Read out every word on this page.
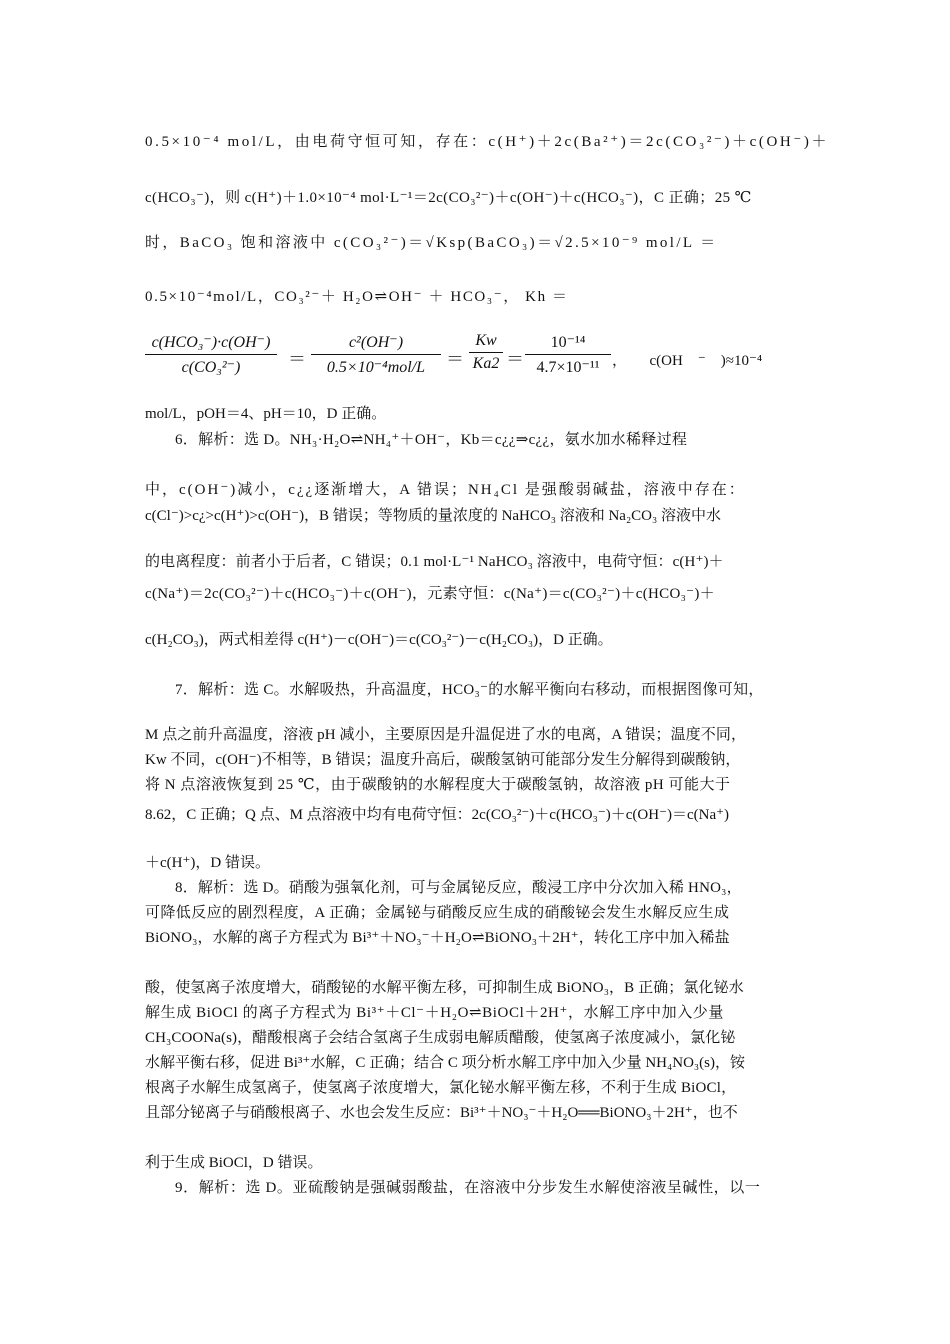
0.5×10⁻⁴ mol/L，由电荷守恒可知，存在：c(H⁺)＋2c(Ba²⁺)＝2c(CO₃²⁻)＋c(OH⁻)＋
c(HCO₃⁻)，则 c(H⁺)＋1.0×10⁻⁴ mol·L⁻¹＝2c(CO₃²⁻)＋c(OH⁻)＋c(HCO₃⁻)，C 正确；25 ℃
时，BaCO₃ 饱和溶液中 c(CO₃²⁻)＝√Ksp(BaCO₃)＝√2.5×10⁻⁹ mol/L ＝
0.5×10⁻⁴mol/L，CO₃²⁻＋ H₂O⇌OH⁻ ＋ HCO₃⁻， Kh ＝
mol/L，pOH＝4、pH＝10，D 正确。
6．解析：选 D。NH₃·H₂O⇌NH₄⁺＋OH⁻，Kb＝c¿¿⇒c¿¿，氨水加水稀释过程
中，c(OH⁻)减小，c¿¿逐渐增大，A 错误；NH₄Cl 是强酸弱碱盐，溶液中存在：
c(Cl⁻)>c¿>c(H⁺)>c(OH⁻)，B 错误；等物质的量浓度的 NaHCO₃ 溶液和 Na₂CO₃ 溶液中水
的电离程度：前者小于后者，C 错误；0.1 mol·L⁻¹ NaHCO₃ 溶液中，电荷守恒：c(H⁺)＋
c(Na⁺)＝2c(CO₃²⁻)＋c(HCO₃⁻)＋c(OH⁻)，元素守恒：c(Na⁺)＝c(CO₃²⁻)＋c(HCO₃⁻)＋
c(H₂CO₃)，两式相差得 c(H⁺)－c(OH⁻)＝c(CO₃²⁻)－c(H₂CO₃)，D 正确。
7．解析：选 C。水解吸热，升高温度，HCO₃⁻的水解平衡向右移动，而根据图像可知，
M 点之前升高温度，溶液 pH 减小，主要原因是升温促进了水的电离，A 错误；温度不同，
Kw 不同，c(OH⁻)不相等，B 错误；温度升高后，碳酸氢钠可能部分发生分解得到碳酸钠，
将 N 点溶液恢复到 25 ℃，由于碳酸钠的水解程度大于碳酸氢钠，故溶液 pH 可能大于
8.62，C 正确；Q 点、M 点溶液中均有电荷守恒：2c(CO₃²⁻)＋c(HCO₃⁻)＋c(OH⁻)＝c(Na⁺)
＋c(H⁺)，D 错误。
8．解析：选 D。硝酸为强氧化剂，可与金属铋反应，酸浸工序中分次加入稀 HNO₃，
可降低反应的剧烈程度，A 正确；金属铋与硝酸反应生成的硝酸铋会发生水解反应生成
BiONO₃，水解的离子方程式为 Bi³⁺＋NO₃⁻＋H₂O⇌BiONO₃＋2H⁺，转化工序中加入稀盐
酸，使氢离子浓度增大，硝酸铋的水解平衡左移，可抑制生成 BiONO₃，B 正确；氯化铋水
解生成 BiOCl 的离子方程式为 Bi³⁺＋Cl⁻＋H₂O⇌BiOCl＋2H⁺，水解工序中加入少量
CH₃COONa(s)，醋酸根离子会结合氢离子生成弱电解质醋酸，使氢离子浓度减小，氯化铋
水解平衡右移，促进 Bi³⁺水解，C 正确；结合 C 项分析水解工序中加入少量 NH₄NO₃(s)，铵
根离子水解生成氢离子，使氢离子浓度增大，氯化铋水解平衡左移，不利于生成 BiOCl，
且部分铋离子与硝酸根离子、水也会发生反应：Bi³⁺＋NO₃⁻＋H₂O══BiONO₃＋2H⁺，也不
利于生成 BiOCl，D 错误。
9．解析：选 D。亚硫酸钠是强碱弱酸盐，在溶液中分步发生水解使溶液呈碱性，以一
c(HCO₃⁻)·c(OH⁻)
c(CO₃²⁻)	＝
c²(OH⁻)
0.5×10⁻⁴mol/L	＝ $\frac{Kw}{Ka2} = \frac{\text{10⁻¹⁴}}{\text{4.7×10⁻¹¹}}$ ，　　c(OH　⁻　)≈10⁻⁴
